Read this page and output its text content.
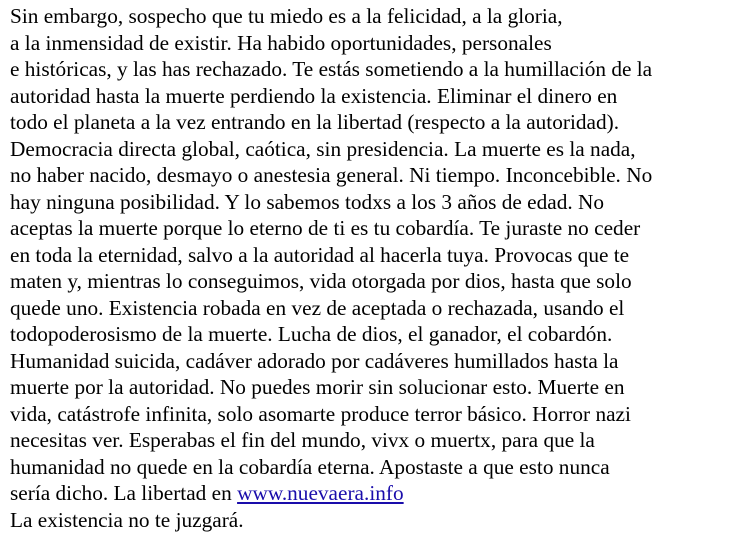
Sin embargo, sospecho que tu miedo es a la felicidad, a la gloria,
a la inmensidad de existir. Ha habido oportunidades, personales
e históricas, y las has rechazado. Te estás sometiendo a la humillación de la
autoridad hasta la muerte perdiendo la existencia. Eliminar el dinero en
todo el planeta a la vez entrando en la libertad (respecto a la autoridad).
Democracia directa global, caótica, sin presidencia. La muerte es la nada,
no haber nacido, desmayo o anestesia general. Ni tiempo. Inconcebible. No
hay ninguna posibilidad. Y lo sabemos todxs a los 3 años de edad. No
aceptas la muerte porque lo eterno de ti es tu cobardía. Te juraste no ceder
en toda la eternidad, salvo a la autoridad al hacerla tuya. Provocas que te
maten y, mientras lo conseguimos, vida otorgada por dios, hasta que solo
quede uno. Existencia robada en vez de aceptada o rechazada, usando el
todopoderosismo de la muerte. Lucha de dios, el ganador, el cobardón.
Humanidad suicida, cadáver adorado por cadáveres humillados hasta la
muerte por la autoridad. No puedes morir sin solucionar esto. Muerte en
vida, catástrofe infinita, solo asomarte produce terror básico. Horror nazi
necesitas ver. Esperabas el fin del mundo, vivx o muertx, para que la
humanidad no quede en la cobardía eterna. Apostaste a que esto nunca
sería dicho. La libertad en www.nuevaera.info
La existencia no te juzgará.
